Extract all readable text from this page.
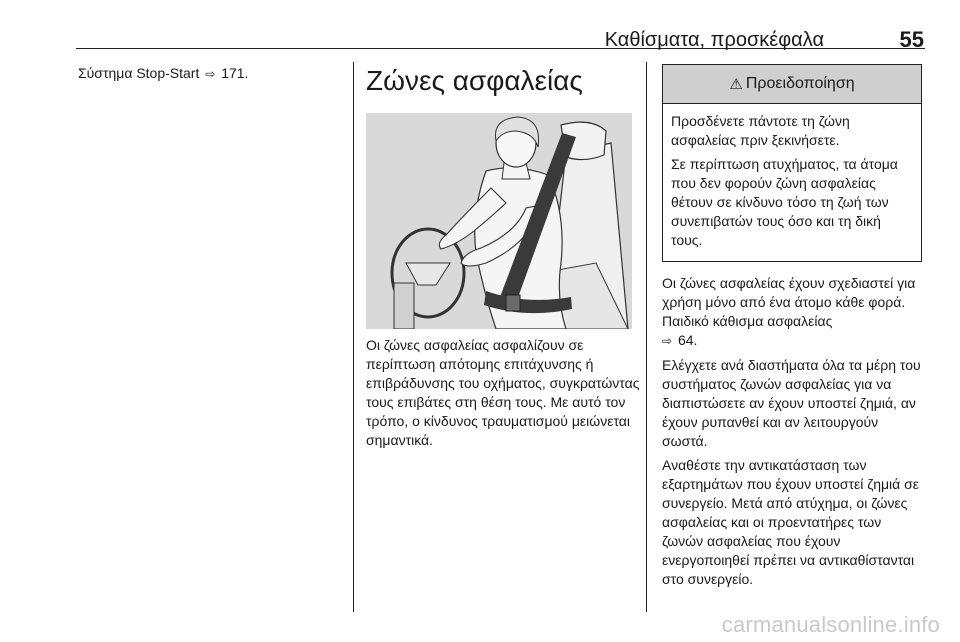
Καθίσματα, προσκέφαλα	55
Σύστημα Stop-Start ⇨ 171.	Ζώνες ασφαλείας

Οι ζώνες ασφαλείας ασφαλίζουν σε περίπτωση απότομης επιτάχυνσης ή επιβράδυνσης του οχήματος, συγκρατώντας τους επιβάτες στη θέση τους. Με αυτό τον τρόπο, ο κίνδυνος τραυματισμού μειώνεται σημαντικά.

⚠ Προειδοποίηση

Προσδένετε πάντοτε τη ζώνη ασφαλείας πριν ξεκινήσετε.

Σε περίπτωση ατυχήματος, τα άτομα που δεν φορούν ζώνη ασφαλείας θέτουν σε κίνδυνο τόσο τη ζωή των συνεπιβατών τους όσο και τη δική τους.

Οι ζώνες ασφαλείας έχουν σχεδιαστεί για χρήση μόνο από ένα άτομο κάθε φορά. Παιδικό κάθισμα ασφαλείας
⇨ 64.

Ελέγχετε ανά διαστήματα όλα τα μέρη του συστήματος ζωνών ασφαλείας για να διαπιστώσετε αν έχουν υποστεί ζημιά, αν έχουν ρυπανθεί και αν λειτουργούν σωστά.

Αναθέστε την αντικατάσταση των εξαρτημάτων που έχουν υποστεί ζημιά σε συνεργείο. Μετά από ατύχημα, οι ζώνες ασφαλείας και οι προεντατήρες των ζωνών ασφαλείας που έχουν ενεργοποιηθεί πρέπει να αντικαθίστανται στο συνεργείο.

carmanualsonline.info
